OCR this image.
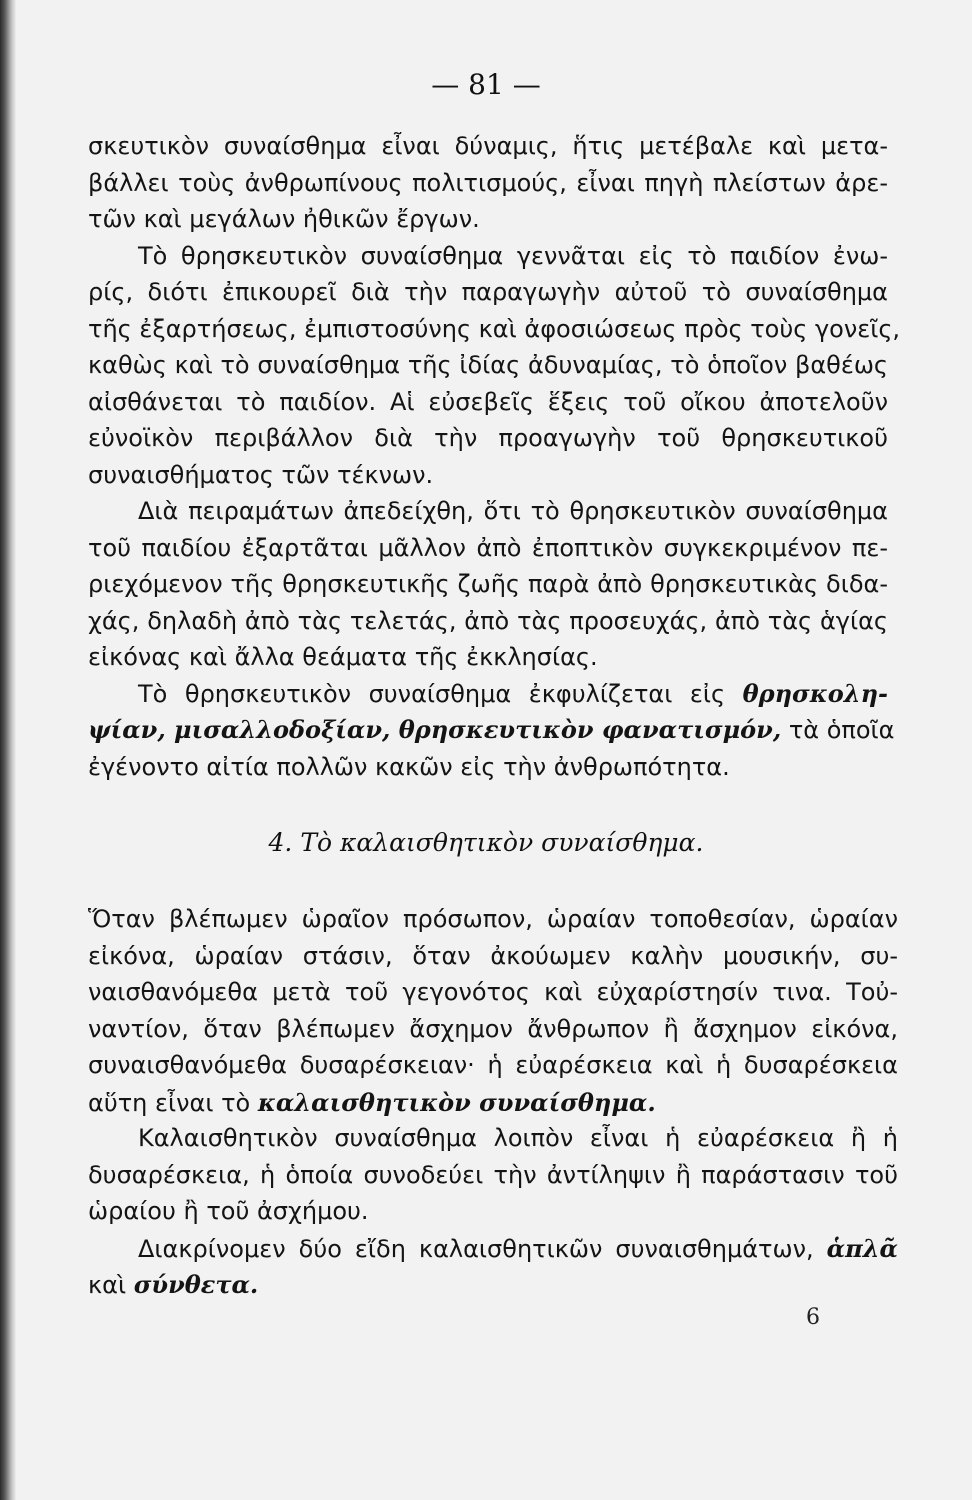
— 81 —
σκευτικὸν συναίσθημα εἶναι δύναμις, ἥτις μετέβαλε καὶ μετα-
βάλλει τοὺς ἀνθρωπίνους πολιτισμούς, εἶναι πηγὴ πλείστων ἀρε-
τῶν καὶ μεγάλων ἠθικῶν ἔργων.
Τὸ θρησκευτικὸν συναίσθημα γεννᾶται εἰς τὸ παιδίον ἐνω-
ρίς, διότι ἐπικουρεῖ διὰ τὴν παραγωγὴν αὐτοῦ τὸ συναίσθημα
τῆς ἐξαρτήσεως, ἐμπιστοσύνης καὶ ἀφοσιώσεως πρὸς τοὺς γονεῖς,
καθὼς καὶ τὸ συναίσθημα τῆς ἰδίας ἀδυναμίας, τὸ ὁποῖον βαθέως
αἰσθάνεται τὸ παιδίον. Αἱ εὐσεβεῖς ἕξεις τοῦ οἴκου ἀποτελοῦν
εὐνοϊκὸν περιβάλλον διὰ τὴν προαγωγὴν τοῦ θρησκευτικοῦ
συναισθήματος τῶν τέκνων.
Διὰ πειραμάτων ἀπεδείχθη, ὅτι τὸ θρησκευτικὸν συναίσθημα
τοῦ παιδίου ἐξαρτᾶται μᾶλλον ἀπὸ ἐποπτικὸν συγκεκριμένον πε-
ριεχόμενον τῆς θρησκευτικῆς ζωῆς παρὰ ἀπὸ θρησκευτικὰς διδα-
χάς, δηλαδὴ ἀπὸ τὰς τελετάς, ἀπὸ τὰς προσευχάς, ἀπὸ τὰς ἁγίας
εἰκόνας καὶ ἄλλα θεάματα τῆς ἐκκλησίας.
Τὸ θρησκευτικὸν συναίσθημα ἐκφυλίζεται εἰς θρησκολη-
ψίαν, μισαλλοδοξίαν, θρησκευτικὸν φανατισμόν, τὰ ὁποῖα
ἐγένοντο αἰτία πολλῶν κακῶν εἰς τὴν ἀνθρωπότητα.
4. Τὸ καλαισθητικὸν συναίσθημα.
Ὅταν βλέπωμεν ὡραῖον πρόσωπον, ὡραίαν τοποθεσίαν, ὡραίαν
εἰκόνα, ὡραίαν στάσιν, ὅταν ἀκούωμεν καλὴν μουσικήν, συ-
ναισθανόμεθα μετὰ τοῦ γεγονότος καὶ εὐχαρίστησίν τινα. Τοὐ-
ναντίον, ὅταν βλέπωμεν ἄσχημον ἄνθρωπον ἢ ἄσχημον εἰκόνα,
συναισθανόμεθα δυσαρέσκειαν· ἡ εὐαρέσκεια καὶ ἡ δυσαρέσκεια
αὕτη εἶναι τὸ καλαισθητικὸν συναίσθημα.
Καλαισθητικὸν συναίσθημα λοιπὸν εἶναι ἡ εὐαρέσκεια ἢ ἡ
δυσαρέσκεια, ἡ ὁποία συνοδεύει τὴν ἀντίληψιν ἢ παράστασιν τοῦ
ὡραίου ἢ τοῦ ἀσχήμου.
Διακρίνομεν δύο εἴδη καλαισθητικῶν συναισθημάτων, ἁπλᾶ
καὶ σύνθετα.
6
